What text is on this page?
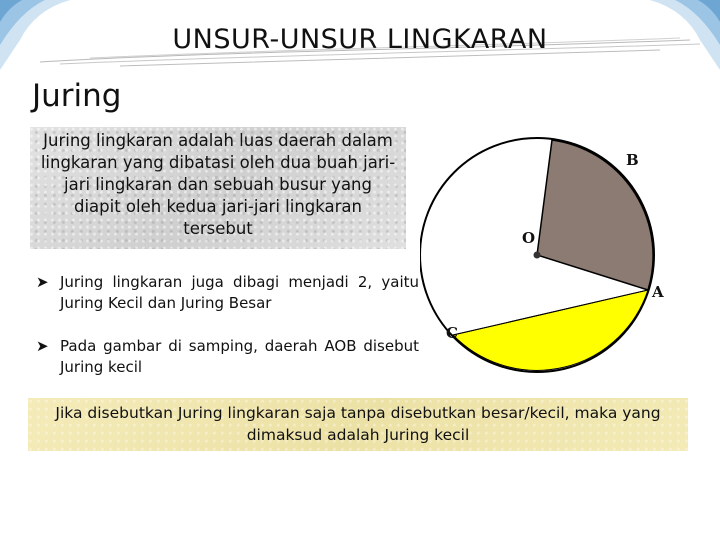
UNSUR-UNSUR LINGKARAN
Juring
Juring lingkaran adalah luas daerah dalam lingkaran yang dibatasi oleh dua buah jari-jari lingkaran dan sebuah busur yang diapit oleh kedua jari-jari lingkaran tersebut
➤ Juring lingkaran juga dibagi menjadi 2, yaitu Juring Kecil dan Juring Besar
➤ Pada gambar di samping, daerah AOB disebut Juring kecil
B
O
A
C
Jika disebutkan Juring lingkaran saja tanpa disebutkan besar/kecil, maka yang dimaksud adalah Juring kecil
